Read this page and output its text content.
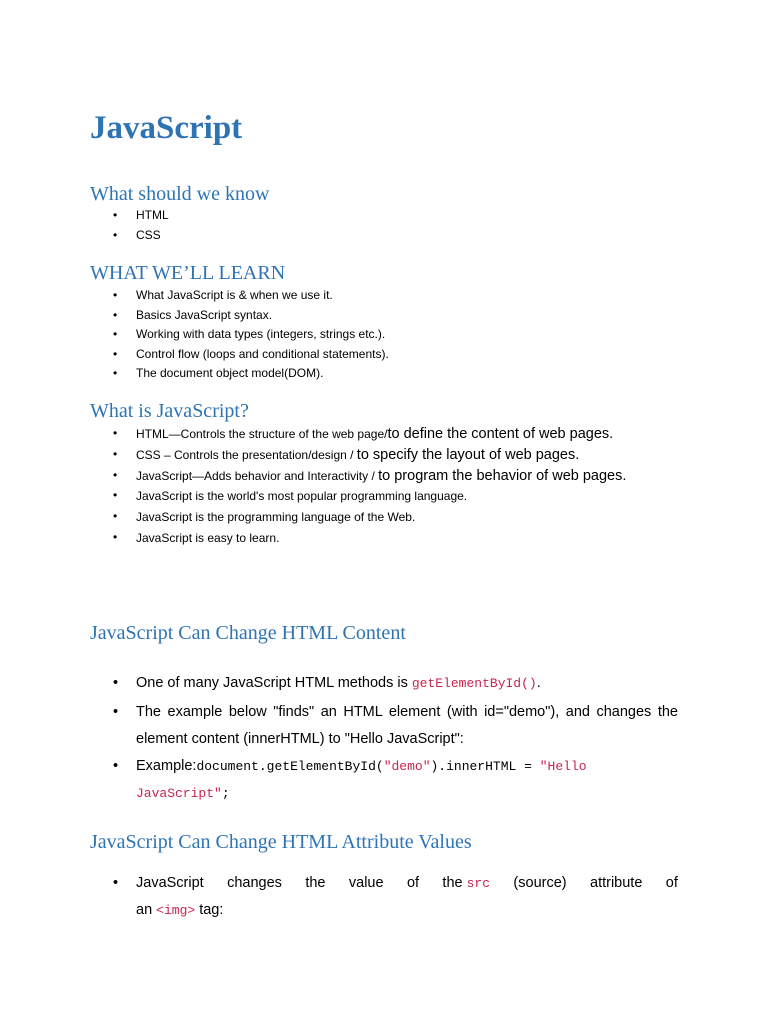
JavaScript
What should we know
• HTML
• CSS
WHAT WE’LL LEARN
• What JavaScript is & when we use it.
• Basics JavaScript syntax.
• Working with data types (integers, strings etc.).
• Control flow (loops and conditional statements).
• The document object model(DOM).
What is JavaScript?
• HTML—Controls the structure of the web page/to define the content of web pages.
• CSS – Controls the presentation/design / to specify the layout of web pages.
• JavaScript—Adds behavior and Interactivity / to program the behavior of web pages.
• JavaScript is the world's most popular programming language.
• JavaScript is the programming language of the Web.
• JavaScript is easy to learn.
JavaScript Can Change HTML Content
• One of many JavaScript HTML methods is getElementById().
• The example below "finds" an HTML element (with id="demo"), and changes the element content (innerHTML) to "Hello JavaScript":
• Example:document.getElementById("demo").innerHTML = "Hello
JavaScript";
JavaScript Can Change HTML Attribute Values
• JavaScript changes the value of the src (source) attribute of
an <img> tag:
